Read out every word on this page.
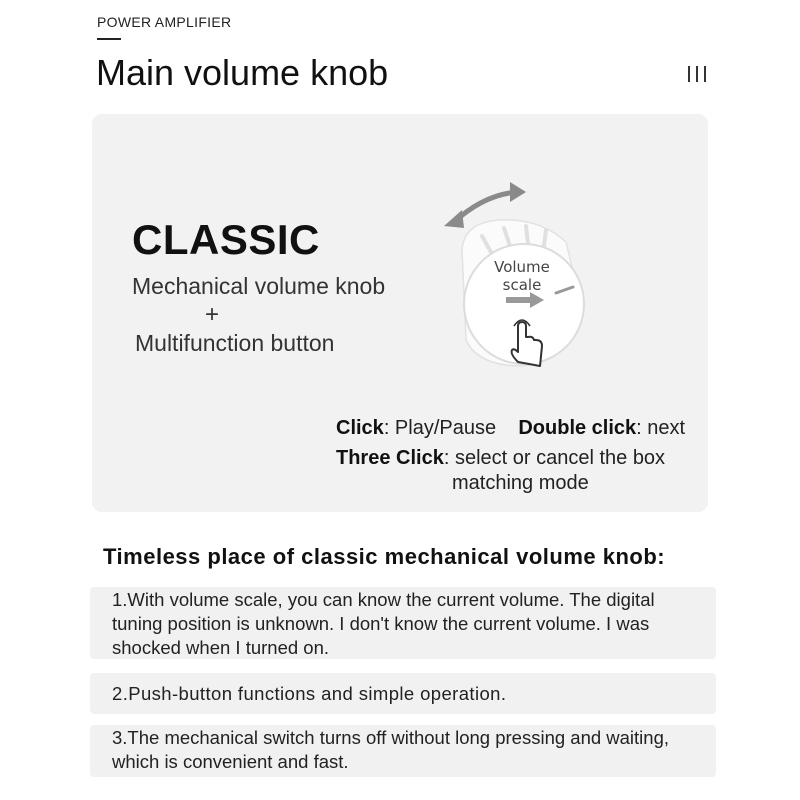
POWER AMPLIFIER
Main volume knob
CLASSIC
Mechanical volume knob
+
Multifunction button
Volume
scale
Click: Play/Pause Double click: next
Three Click: select or cancel the box
matching mode
Timeless place of classic mechanical volume knob:
1.With volume scale, you can know the current volume. The digital
tuning position is unknown. I don't know the current volume. I was
shocked when I turned on.
2.Push-button functions and simple operation.
3.The mechanical switch turns off without long pressing and waiting,
which is convenient and fast.
